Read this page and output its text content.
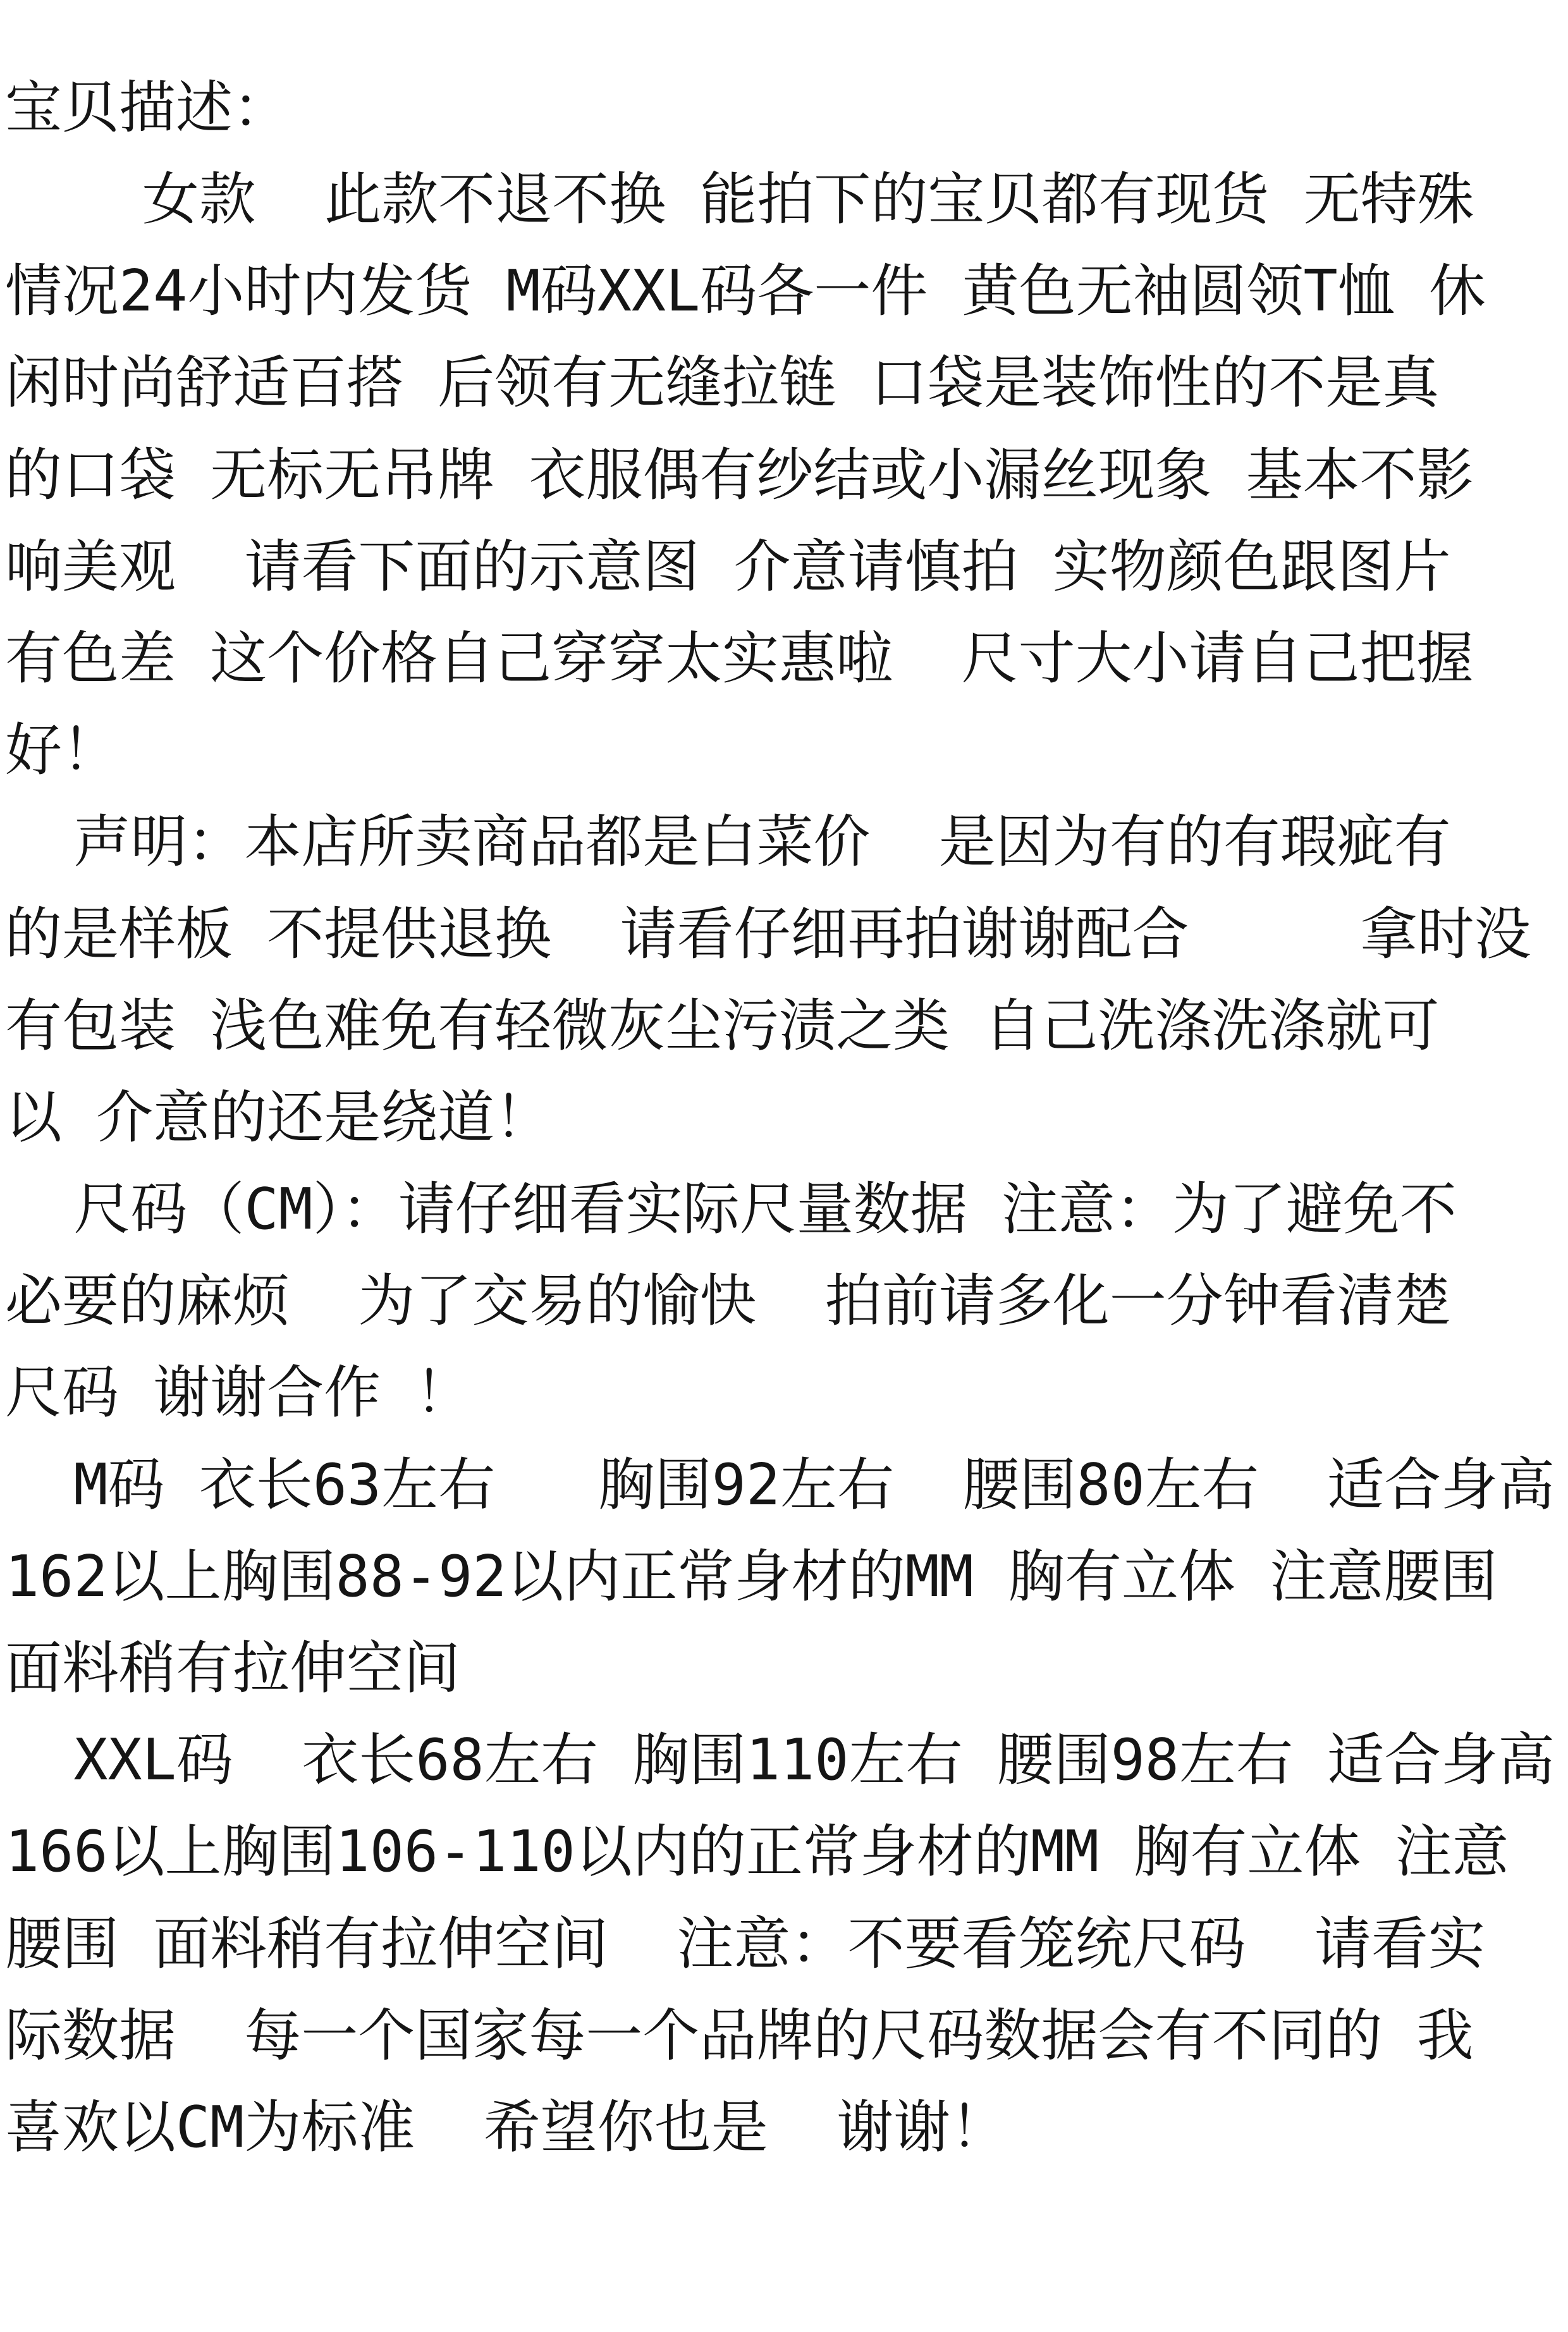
宝贝描述：
女款  此款不退不换 能拍下的宝贝都有现货 无特殊
情况24小时内发货 M码XXL码各一件 黄色无袖圆领T恤 休
闲时尚舒适百搭 后领有无缝拉链 口袋是装饰性的不是真
的口袋 无标无吊牌 衣服偶有纱结或小漏丝现象 基本不影
响美观  请看下面的示意图 介意请慎拍 实物颜色跟图片
有色差 这个价格自己穿穿太实惠啦  尺寸大小请自己把握
好！
声明：本店所卖商品都是白菜价  是因为有的有瑕疵有
的是样板 不提供退换  请看仔细再拍谢谢配合     拿时没
有包装 浅色难免有轻微灰尘污渍之类 自己洗涤洗涤就可
以 介意的还是绕道！
尺码（CM）：请仔细看实际尺量数据 注意：为了避免不
必要的麻烦  为了交易的愉快  拍前请多化一分钟看清楚
尺码 谢谢合作 ！
M码 衣长63左右   胸围92左右  腰围80左右  适合身高
162以上胸围88-92以内正常身材的MM 胸有立体 注意腰围
面料稍有拉伸空间
XXL码  衣长68左右 胸围110左右 腰围98左右 适合身高
166以上胸围106-110以内的正常身材的MM 胸有立体 注意
腰围 面料稍有拉伸空间  注意：不要看笼统尺码  请看实
际数据  每一个国家每一个品牌的尺码数据会有不同的 我
喜欢以CM为标准  希望你也是  谢谢！
